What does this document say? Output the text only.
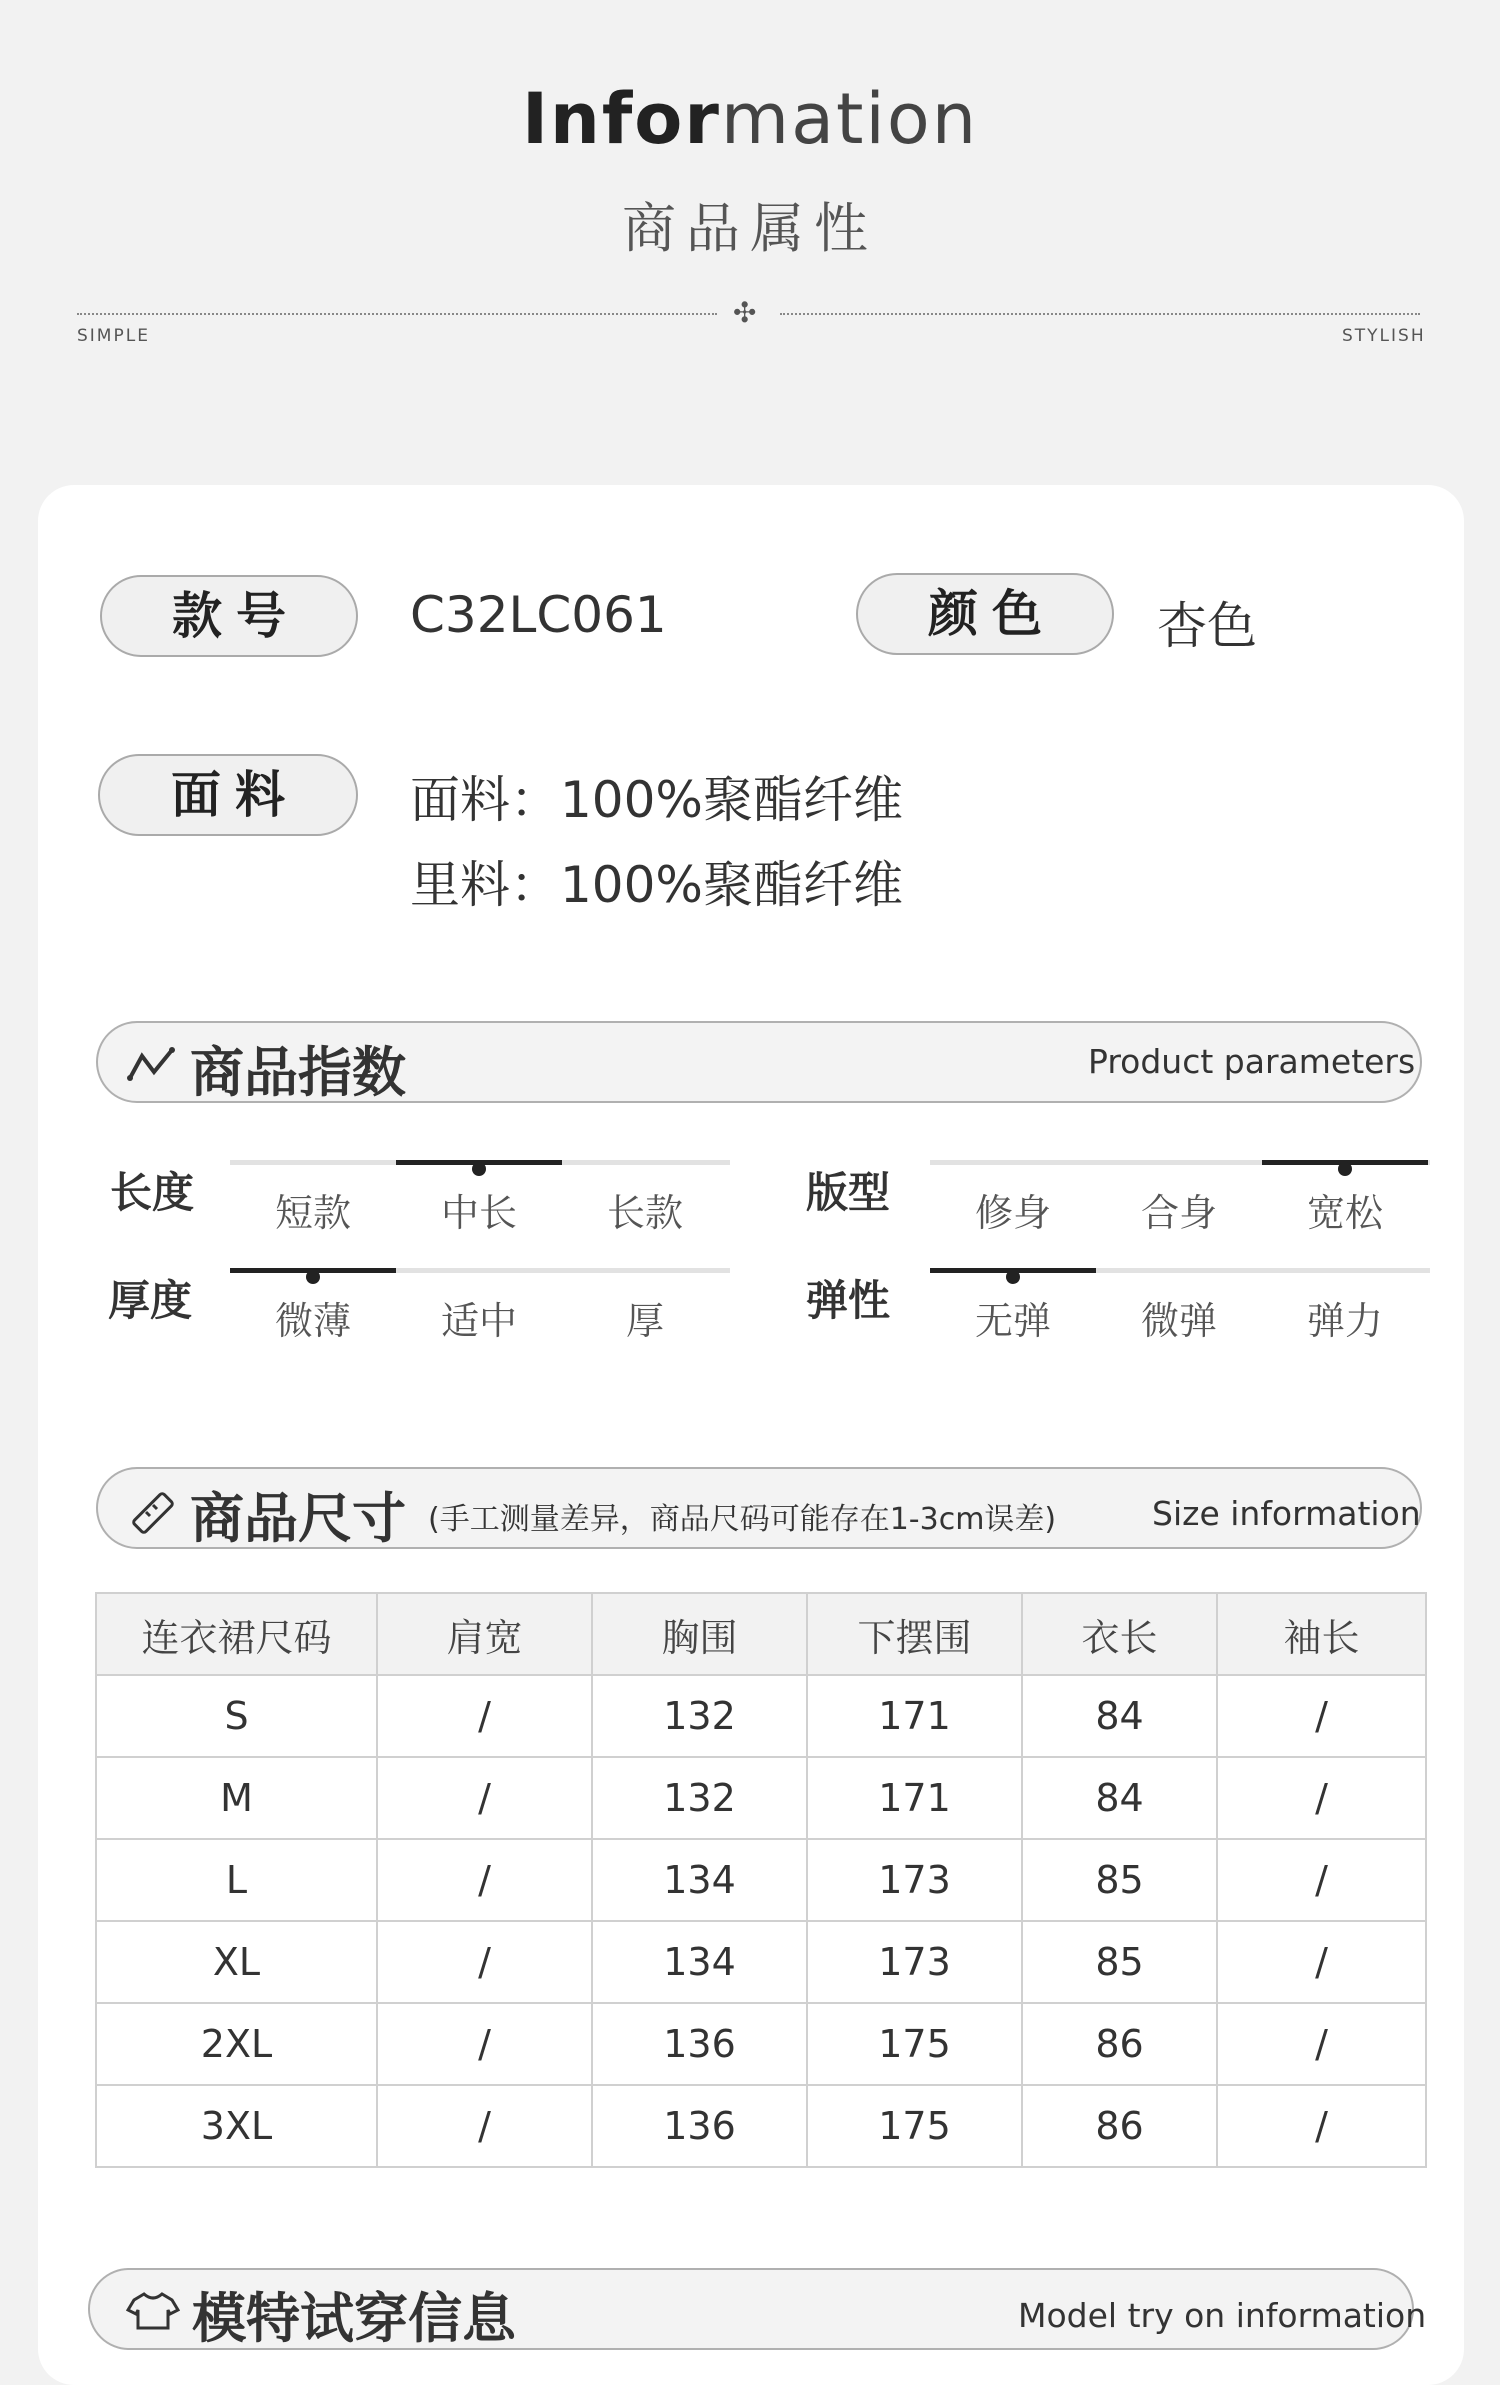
Information
商品属性
✣
SIMPLE	STYLISH
款号	C32LC061	颜色	杏色
面料	面料：100%聚酯纤维
里料：100%聚酯纤维
商品指数	Product parameters
长度	短款	中长	长款	版型	修身	合身	宽松
厚度	微薄	适中	厚	弹性	无弹	微弹	弹力
商品尺寸 (手工测量差异，商品尺码可能存在1-3cm误差)	Size information
连衣裙尺码	肩宽	胸围	下摆围	衣长	袖长
S	/	132	171	84	/
M	/	132	171	84	/
L	/	134	173	85	/
XL	/	134	173	85	/
2XL	/	136	175	86	/
3XL	/	136	175	86	/
模特试穿信息	Model try on information
